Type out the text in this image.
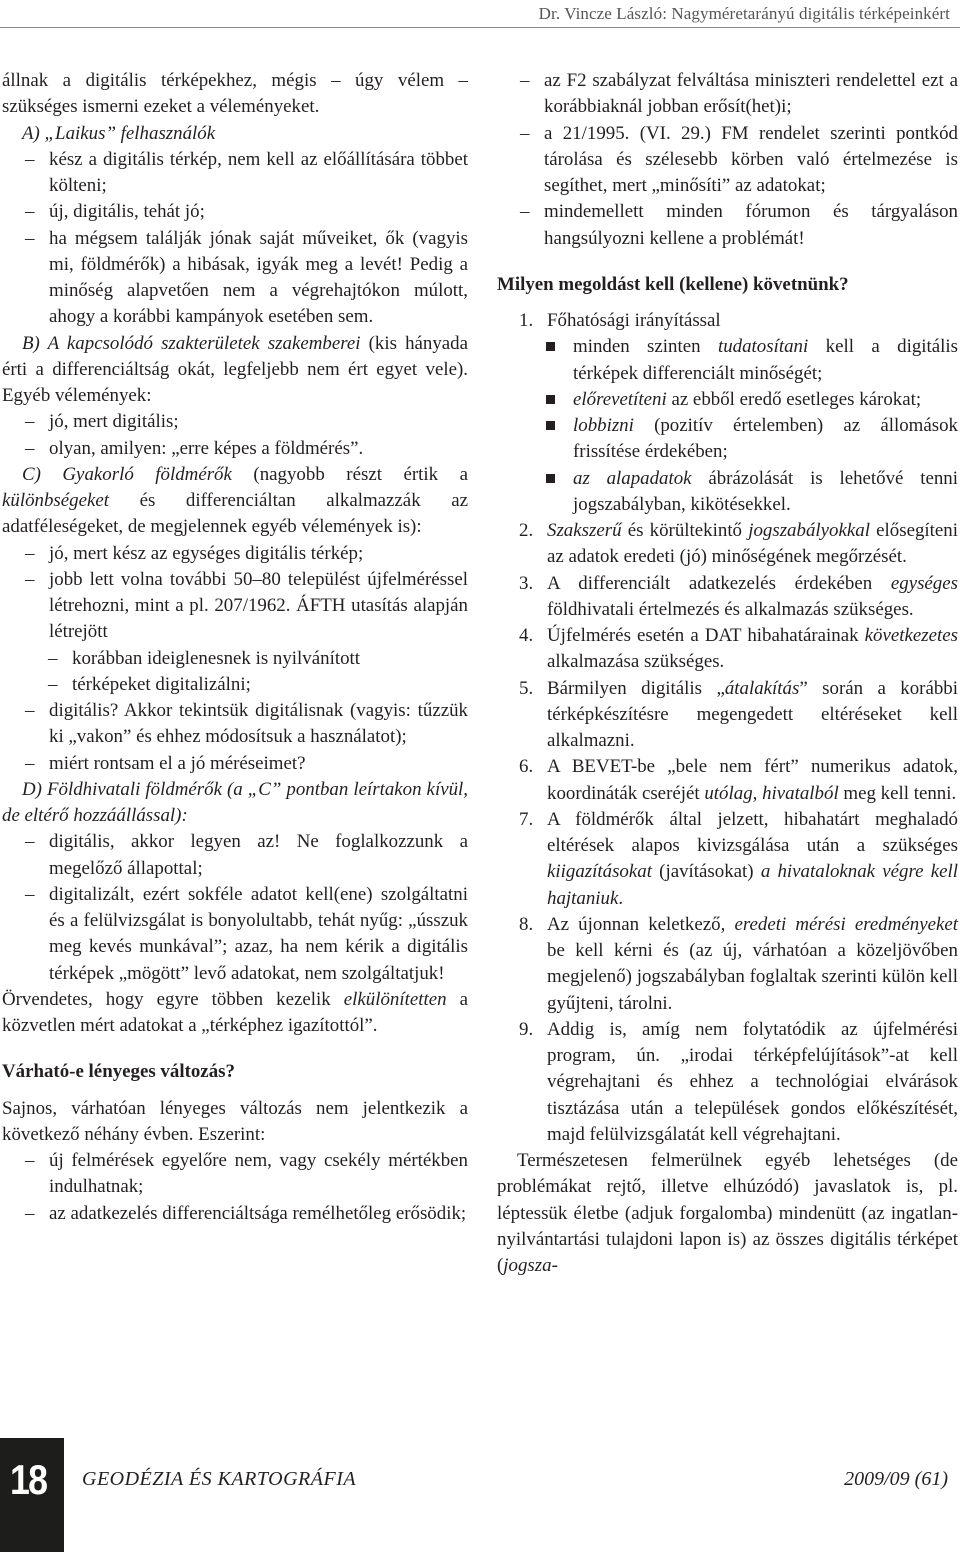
Dr. Vincze László: Nagyméretarányú digitális térképeinkért

állnak a digitális térképekhez, mégis – úgy vélem – szükséges ismerni ezeket a véleményeket.

A) „Laikus” felhasználók

– kész a digitális térkép, nem kell az előállítására többet költeni;

– új, digitális, tehát jó;

– ha mégsem találják jónak saját műveiket, ők (vagyis mi, földmérők) a hibásak, igyák meg a levét! Pedig a minőség alapvetően nem a végrehajtókon múlott, ahogy a korábbi kampányok esetében sem.

B) A kapcsolódó szakterületek szakemberei (kis hányada érti a differenciáltság okát, legfeljebb nem ért egyet vele). Egyéb vélemények:

– jó, mert digitális;

– olyan, amilyen: „erre képes a földmérés”.

C) Gyakorló földmérők (nagyobb részt értik a különbségeket és differenciáltan alkalmazzák az adatféleségeket, de megjelennek egyéb vélemények is):

– jó, mert kész az egységes digitális térkép;

– jobb lett volna további 50–80 települést újfelméréssel létrehozni, mint a pl. 207/1962. ÁFTH utasítás alapján létrejött

– korábban ideiglenesnek is nyilvánított

– térképeket digitalizálni;

– digitális? Akkor tekintsük digitálisnak (vagyis: tűzzük ki „vakon” és ehhez módosítsuk a használatot);

– miért rontsam el a jó méréseimet?

D) Földhivatali földmérők (a „C” pontban leírtakon kívül, de eltérő hozzáállással):

– digitális, akkor legyen az! Ne foglalkozzunk a megelőző állapottal;

– digitalizált, ezért sokféle adatot kell(ene) szolgáltatni és a felülvizsgálat is bonyolultabb, tehát nyűg: „ússzuk meg kevés munkával”; azaz, ha nem kérik a digitális térképek „mögött” levő adatokat, nem szolgáltatjuk!

Örvendetes, hogy egyre többen kezelik elkülönítetten a közvetlen mért adatokat a „térképhez igazítottól”.

Várható-e lényeges változás?

Sajnos, várhatóan lényeges változás nem jelentkezik a következő néhány évben. Eszerint:

– új felmérések egyelőre nem, vagy csekély mértékben indulhatnak;

– az adatkezelés differenciáltsága remélhetőleg erősödik;

– az F2 szabályzat felváltása miniszteri rendelettel ezt a korábbiaknál jobban erősít(het)i;

– a 21/1995. (VI. 29.) FM rendelet szerinti pontkód tárolása és szélesebb körben való értelmezése is segíthet, mert „minősíti” az adatokat;

– mindemellett minden fórumon és tárgyaláson hangsúlyozni kellene a problémát!

Milyen megoldást kell (kellene) követnünk?

1. Főhatósági irányítással

minden szinten tudatosítani kell a digitális térképek differenciált minőségét;

előrevetíteni az ebből eredő esetleges károkat;

lobbizni (pozitív értelemben) az állomások frissítése érdekében;

az alapadatok ábrázolását is lehetővé tenni jogszabályban, kikötésekkel.

2. Szakszerű és körültekintő jogszabályokkal elősegíteni az adatok eredeti (jó) minőségének megőrzését.

3. A differenciált adatkezelés érdekében egységes földhivatali értelmezés és alkalmazás szükséges.

4. Újfelmérés esetén a DAT hibahatárainak következetes alkalmazása szükséges.

5. Bármilyen digitális „átalakítás” során a korábbi térképkészítésre megengedett eltéréseket kell alkalmazni.

6. A BEVET-be „bele nem fért” numerikus adatok, koordináták cseréjét utólag, hivatalból meg kell tenni.

7. A földmérők által jelzett, hibahatárt meghaladó eltérések alapos kivizsgálása után a szükséges kiigazításokat (javításokat) a hivataloknak végre kell hajtaniuk.

8. Az újonnan keletkező, eredeti mérési eredményeket be kell kérni és (az új, várhatóan a közeljövőben megjelenő) jogszabályban foglaltak szerinti külön kell gyűjteni, tárolni.

9. Addig is, amíg nem folytatódik az újfelmérési program, ún. „irodai térképfelújítások”-at kell végrehajtani és ehhez a technológiai elvárások tisztázása után a települések gondos előkészítését, majd felülvizsgálatát kell végrehajtani.

Természetesen felmerülnek egyéb lehetséges (de problémákat rejtő, illetve elhúzódó) javaslatok is, pl. léptessük életbe (adjuk forgalomba) mindenütt (az ingatlan-nyilvántartási tulajdoni lapon is) az összes digitális térképet (jogsza-

18 GEODÉZIA ÉS KARTOGRÁFIA	2009/09 (61)
